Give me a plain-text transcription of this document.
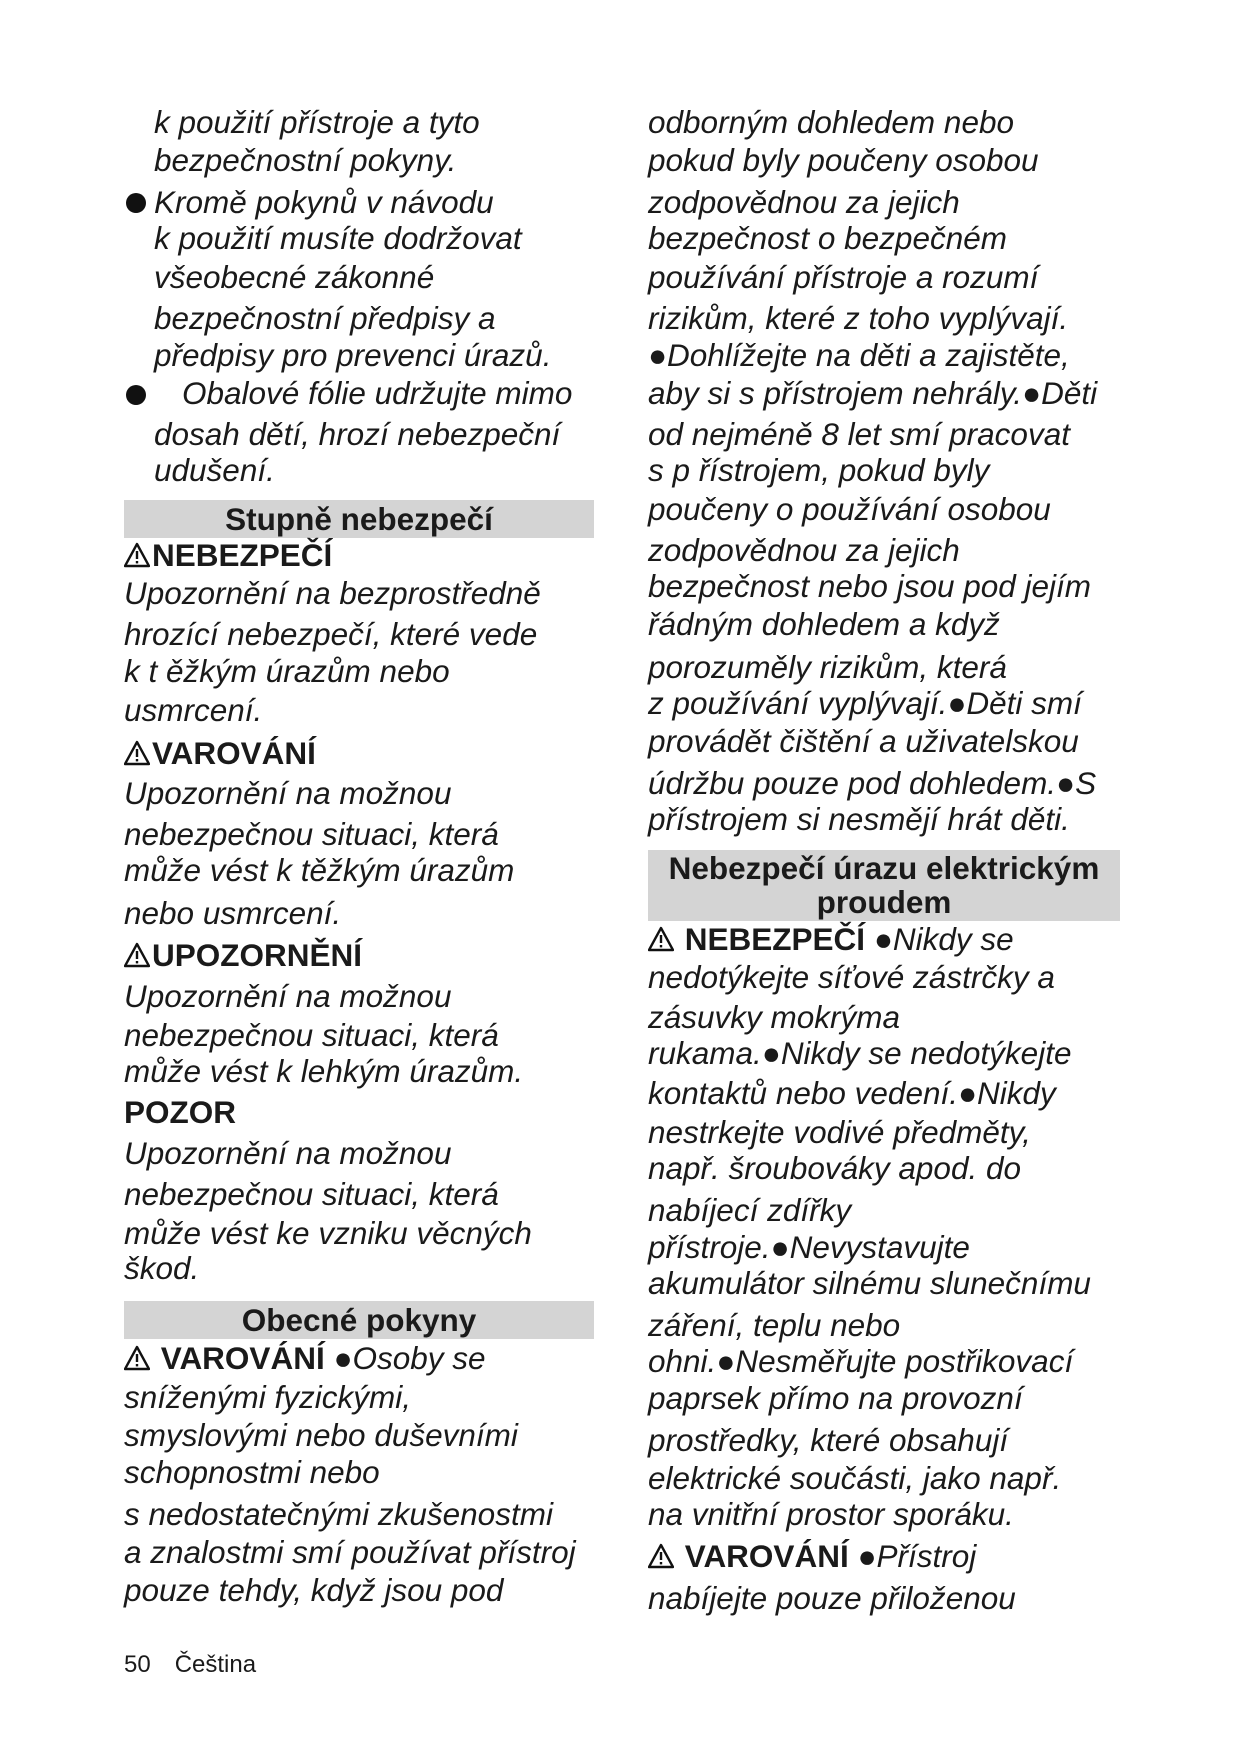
k použití přístroje a tyto
bezpečnostní pokyny.
Kromě pokynů v návodu
k použití musíte dodržovat
všeobecné zákonné
bezpečnostní předpisy a
předpisy pro prevenci úrazů.
Obalové fólie udržujte mimo
dosah dětí, hrozí nebezpeční
udušení.
Stupně nebezpečí
NEBEZPEČÍ
Upozornění na bezprostředně
hrozící nebezpečí, které vede
k t ěžkým úrazům nebo
usmrcení.
VAROVÁNÍ
Upozornění na možnou
nebezpečnou situaci, která
může vést k těžkým úrazům
nebo usmrcení.
UPOZORNĚNÍ
Upozornění na možnou
nebezpečnou situaci, která
může vést k lehkým úrazům.
POZOR
Upozornění na možnou
nebezpečnou situaci, která
může vést ke vzniku věcných
škod.
Obecné pokyny
VAROVÁNÍ ●Osoby se
sníženými fyzickými,
smyslovými nebo duševními
schopnostmi nebo
s nedostatečnými zkušenostmi
a znalostmi smí používat přístroj
pouze tehdy, když jsou pod
50 Čeština
odborným dohledem nebo
pokud byly poučeny osobou
zodpovědnou za jejich
bezpečnost o bezpečném
používání přístroje a rozumí
rizikům, které z toho vyplývají.
●Dohlížejte na děti a zajistěte,
aby si s přístrojem nehrály.●Děti
od nejméně 8 let smí pracovat
s p řístrojem, pokud byly
poučeny o používání osobou
zodpovědnou za jejich
bezpečnost nebo jsou pod jejím
řádným dohledem a když
porozuměly rizikům, která
z používání vyplývají.●Děti smí
provádět čištění a uživatelskou
údržbu pouze pod dohledem.●S
přístrojem si nesmějí hrát děti.
Nebezpečí úrazu elektrickým
proudem
NEBEZPEČÍ ●Nikdy se
nedotýkejte síťové zástrčky a
zásuvky mokrýma
rukama.●Nikdy se nedotýkejte
kontaktů nebo vedení.●Nikdy
nestrkejte vodivé předměty,
např. šroubováky apod. do
nabíjecí zdířky
přístroje.●Nevystavujte
akumulátor silnému slunečnímu
záření, teplu nebo
ohni.●Nesměřujte postřikovací
paprsek přímo na provozní
prostředky, které obsahují
elektrické součásti, jako např.
na vnitřní prostor sporáku.
VAROVÁNÍ ●Přístroj
nabíjejte pouze přiloženou
